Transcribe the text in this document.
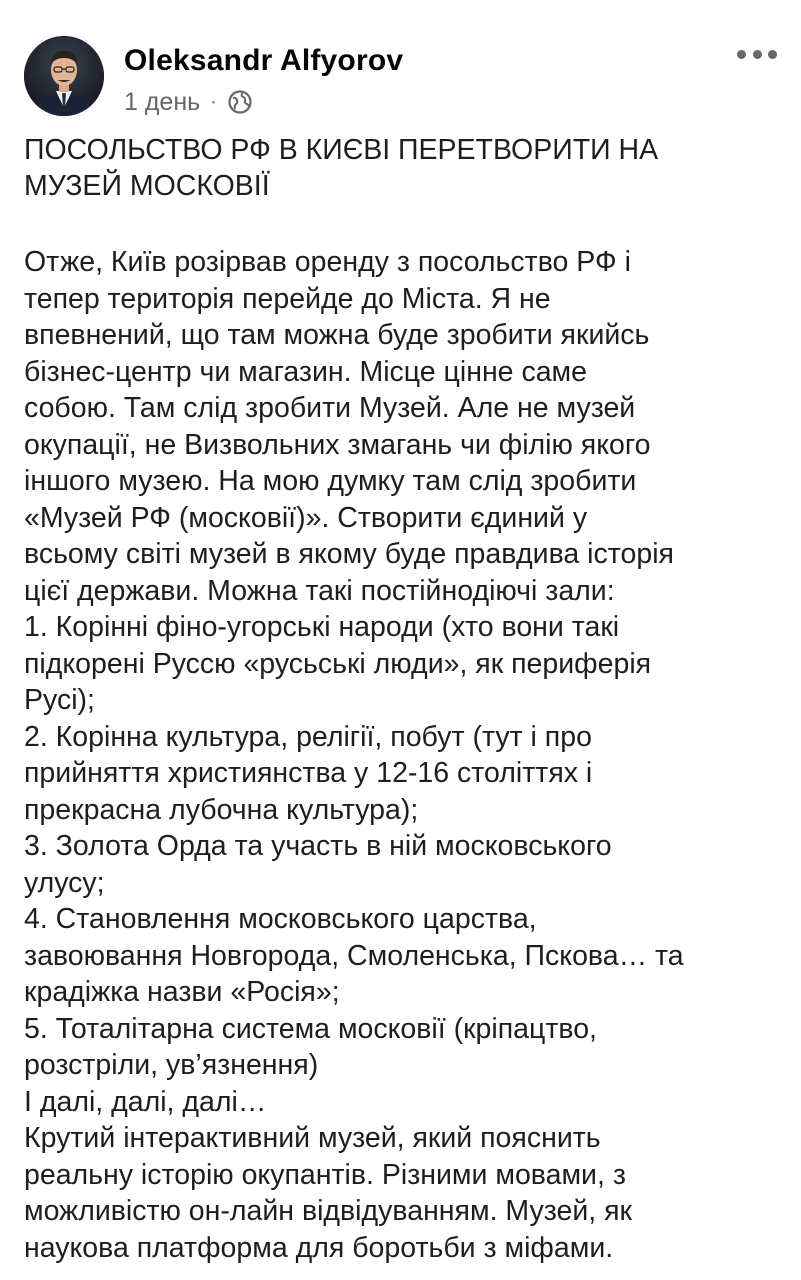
Oleksandr Alfyorov
1 день ·
ПОСОЛЬСТВО РФ В КИЄВІ ПЕРЕТВОРИТИ НА
МУЗЕЙ МОСКОВІЇ
Отже, Київ розірвав оренду з посольство РФ і
тепер територія перейде до Міста. Я не
впевнений, що там можна буде зробити якийсь
бізнес-центр чи магазин. Місце цінне саме
собою. Там слід зробити Музей. Але не музей
окупації, не Визвольних змагань чи філію якого
іншого музею. На мою думку там слід зробити
«Музей РФ (московії)». Створити єдиний у
всьому світі музей в якому буде правдива історія
цієї держави. Можна такі постійнодіючі зали:
1. Корінні фіно-угорські народи (хто вони такі
підкорені Руссю «русьські люди», як периферія
Русі);
2. Корінна культура, релігії, побут (тут і про
прийняття християнства у 12-16 століттях і
прекрасна лубочна культура);
3. Золота Орда та участь в ній московського
улусу;
4. Становлення московського царства,
завоювання Новгорода, Смоленська, Пскова… та
крадіжка назви «Росія»;
5. Тоталітарна система московії (кріпацтво,
розстріли, ув’язнення)
І далі, далі, далі…
Крутий інтерактивний музей, який пояснить
реальну історію окупантів. Різними мовами, з
можливістю он-лайн відвідуванням. Музей, як
наукова платформа для боротьби з міфами.
